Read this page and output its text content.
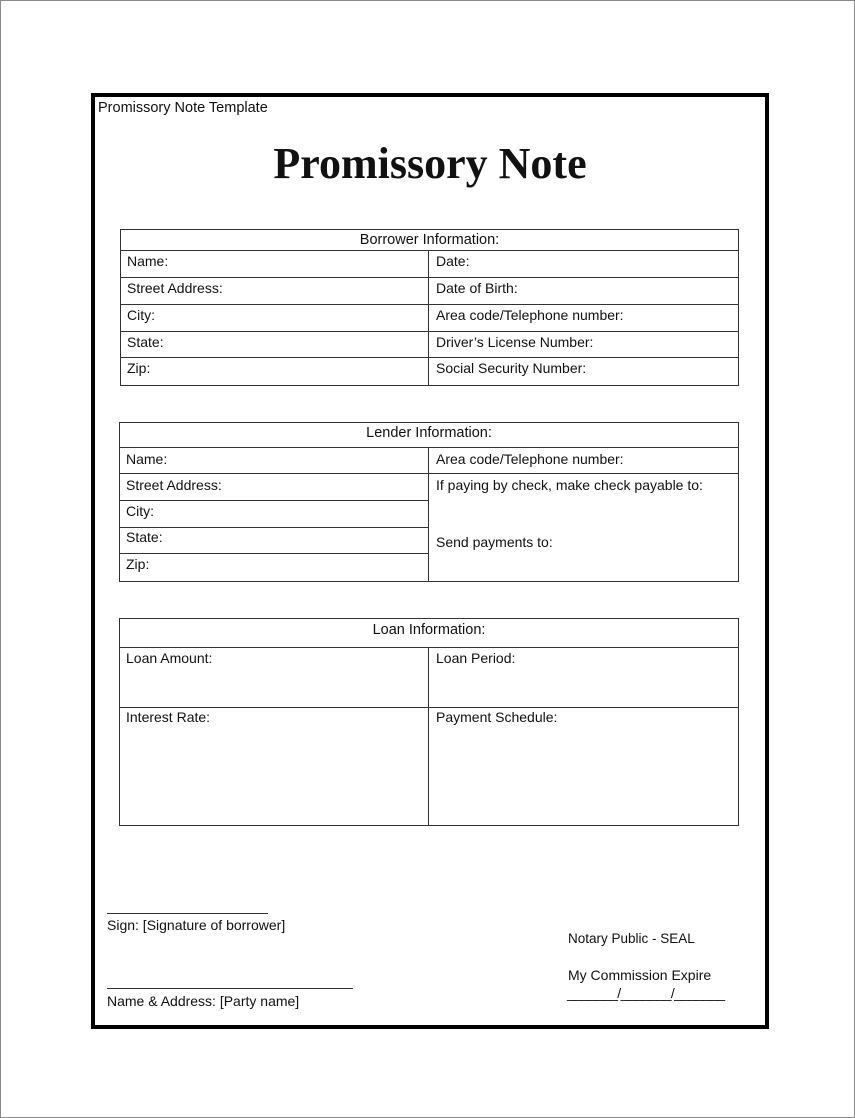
Promissory Note Template
Promissory Note
Borrower Information:
Name:
Street Address:
City:
State:
Zip:
Date:
Date of Birth:
Area code/Telephone number:
Driver’s License Number:
Social Security Number:
Lender Information:
Name:
Street Address:
City:
State:
Zip:
Area code/Telephone number:
If paying by check, make check payable to:
Send payments to:
Loan Information:
Loan Amount:	Loan Period:
Interest Rate:	Payment Schedule:
Sign: [Signature of borrower]
Name & Address: [Party name]
Notary Public - SEAL
My Commission Expire
_______/_______/_______
